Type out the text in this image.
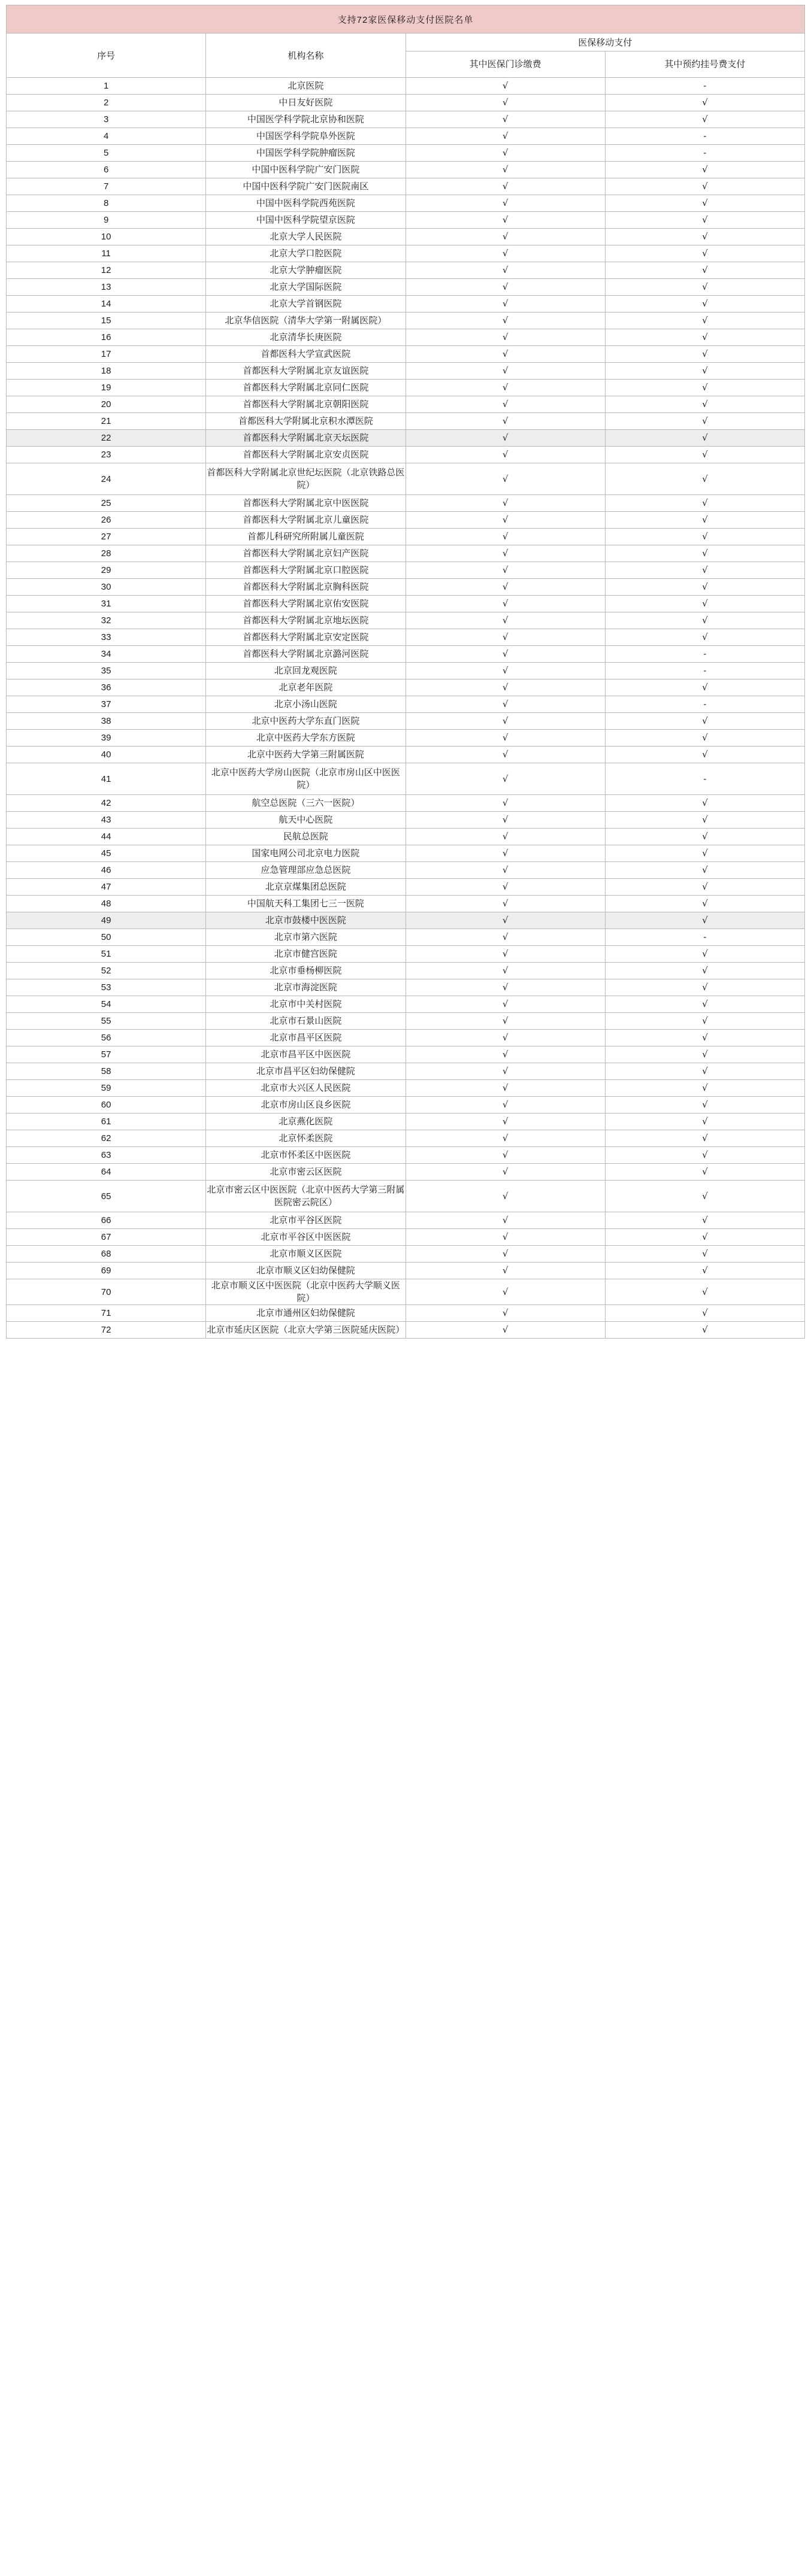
支持72家医保移动支付医院名单			
序号	机构名称	医保移动支付	
		其中医保门诊缴费	其中预约挂号费支付
1	北京医院	√	-
2	中日友好医院	√	√
3	中国医学科学院北京协和医院	√	√
4	中国医学科学院阜外医院	√	-
5	中国医学科学院肿瘤医院	√	-
6	中国中医科学院广安门医院	√	√
7	中国中医科学院广安门医院南区	√	√
8	中国中医科学院西苑医院	√	√
9	中国中医科学院望京医院	√	√
10	北京大学人民医院	√	√
11	北京大学口腔医院	√	√
12	北京大学肿瘤医院	√	√
13	北京大学国际医院	√	√
14	北京大学首钢医院	√	√
15	北京华信医院（清华大学第一附属医院）	√	√
16	北京清华长庚医院	√	√
17	首都医科大学宣武医院	√	√
18	首都医科大学附属北京友谊医院	√	√
19	首都医科大学附属北京同仁医院	√	√
20	首都医科大学附属北京朝阳医院	√	√
21	首都医科大学附属北京积水潭医院	√	√
22	首都医科大学附属北京天坛医院	√	√
23	首都医科大学附属北京安贞医院	√	√
24	首都医科大学附属北京世纪坛医院（北京铁路总医院）	√	√
25	首都医科大学附属北京中医医院	√	√
26	首都医科大学附属北京儿童医院	√	√
27	首都儿科研究所附属儿童医院	√	√
28	首都医科大学附属北京妇产医院	√	√
29	首都医科大学附属北京口腔医院	√	√
30	首都医科大学附属北京胸科医院	√	√
31	首都医科大学附属北京佑安医院	√	√
32	首都医科大学附属北京地坛医院	√	√
33	首都医科大学附属北京安定医院	√	√
34	首都医科大学附属北京潞河医院	√	-
35	北京回龙观医院	√	-
36	北京老年医院	√	√
37	北京小汤山医院	√	-
38	北京中医药大学东直门医院	√	√
39	北京中医药大学东方医院	√	√
40	北京中医药大学第三附属医院	√	√
41	北京中医药大学房山医院（北京市房山区中医医院）	√	-
42	航空总医院（三六一医院）	√	√
43	航天中心医院	√	√
44	民航总医院	√	√
45	国家电网公司北京电力医院	√	√
46	应急管理部应急总医院	√	√
47	北京京煤集团总医院	√	√
48	中国航天科工集团七三一医院	√	√
49	北京市鼓楼中医医院	√	√
50	北京市第六医院	√	-
51	北京市健宫医院	√	√
52	北京市垂杨柳医院	√	√
53	北京市海淀医院	√	√
54	北京市中关村医院	√	√
55	北京市石景山医院	√	√
56	北京市昌平区医院	√	√
57	北京市昌平区中医医院	√	√
58	北京市昌平区妇幼保健院	√	√
59	北京市大兴区人民医院	√	√
60	北京市房山区良乡医院	√	√
61	北京燕化医院	√	√
62	北京怀柔医院	√	√
63	北京市怀柔区中医医院	√	√
64	北京市密云区医院	√	√
65	北京市密云区中医医院（北京中医药大学第三附属医院密云院区）	√	√
66	北京市平谷区医院	√	√
67	北京市平谷区中医医院	√	√
68	北京市顺义区医院	√	√
69	北京市顺义区妇幼保健院	√	√
70	北京市顺义区中医医院（北京中医药大学顺义医院）	√	√
71	北京市通州区妇幼保健院	√	√
72	北京市延庆区医院（北京大学第三医院延庆医院）	√	√
